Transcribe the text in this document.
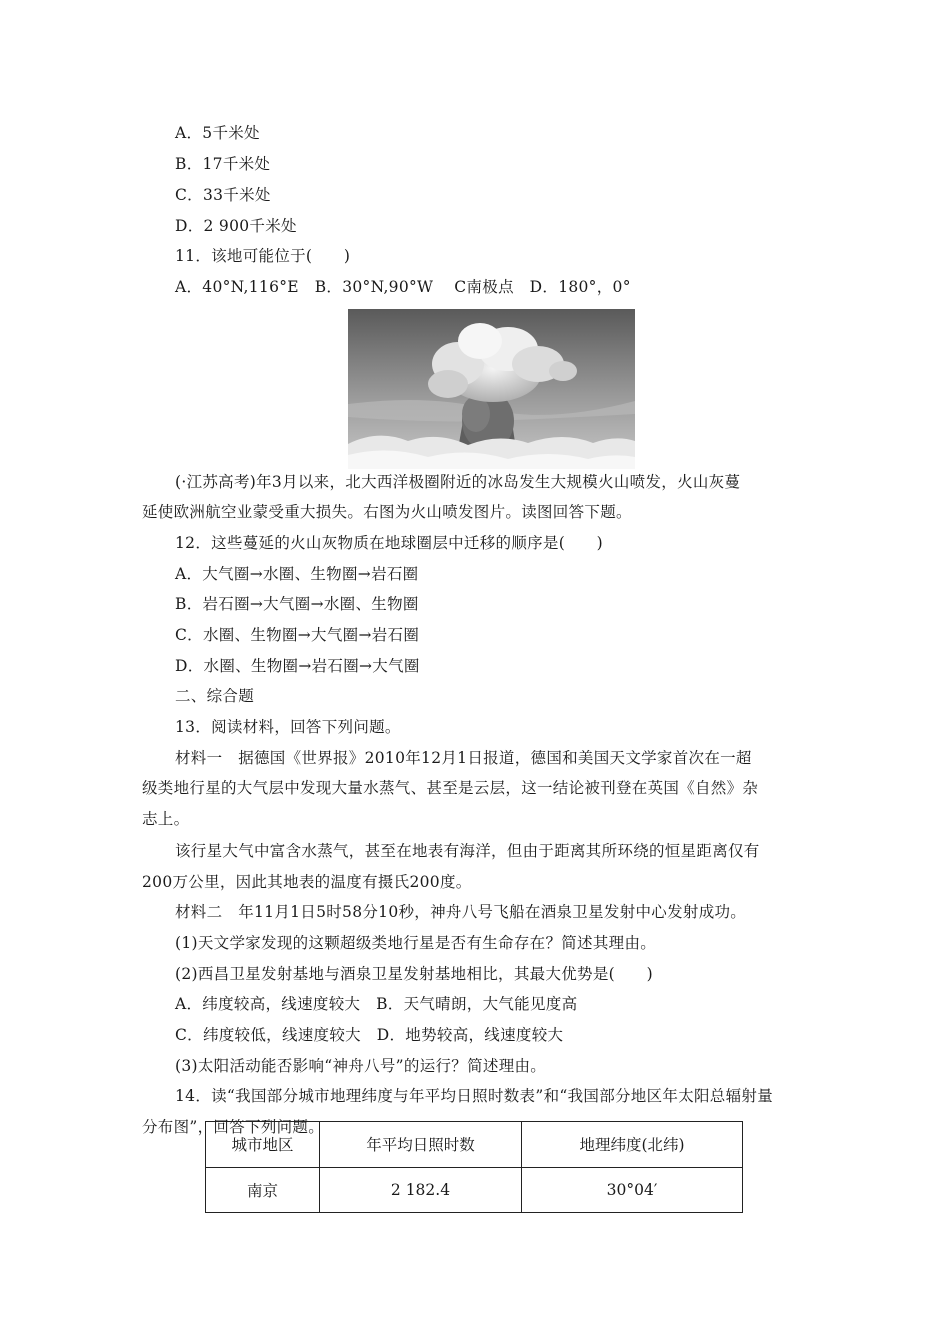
A．5千米处
B．17千米处
C．33千米处
D．2 900千米处
11．该地可能位于(　　)
A．40°N,116°E　B．30°N,90°W　 C南极点　D．180°，0°
(·江苏高考)年3月以来，北大西洋极圈附近的冰岛发生大规模火山喷发，火山灰蔓
延使欧洲航空业蒙受重大损失。右图为火山喷发图片。读图回答下题。
12．这些蔓延的火山灰物质在地球圈层中迁移的顺序是(　　)
A．大气圈→水圈、生物圈→岩石圈
B．岩石圈→大气圈→水圈、生物圈
C．水圈、生物圈→大气圈→岩石圈
D．水圈、生物圈→岩石圈→大气圈
二、综合题
13．阅读材料，回答下列问题。
材料一　据德国《世界报》2010年12月1日报道，德国和美国天文学家首次在一超
级类地行星的大气层中发现大量水蒸气、甚至是云层，这一结论被刊登在英国《自然》杂
志上。
该行星大气中富含水蒸气，甚至在地表有海洋，但由于距离其所环绕的恒星距离仅有
200万公里，因此其地表的温度有摄氏200度。
材料二　年11月1日5时58分10秒，神舟八号飞船在酒泉卫星发射中心发射成功。
(1)天文学家发现的这颗超级类地行星是否有生命存在？简述其理由。
(2)西昌卫星发射基地与酒泉卫星发射基地相比，其最大优势是(　　)
A．纬度较高，线速度较大　B．天气晴朗，大气能见度高
C．纬度较低，线速度较大　D．地势较高，线速度较大
(3)太阳活动能否影响“神舟八号”的运行？简述理由。
14．读“我国部分城市地理纬度与年平均日照时数表”和“我国部分地区年太阳总辐射量
分布图”，回答下列问题。
城市地区	年平均日照时数	地理纬度(北纬)
南京	2 182.4	30°04′
